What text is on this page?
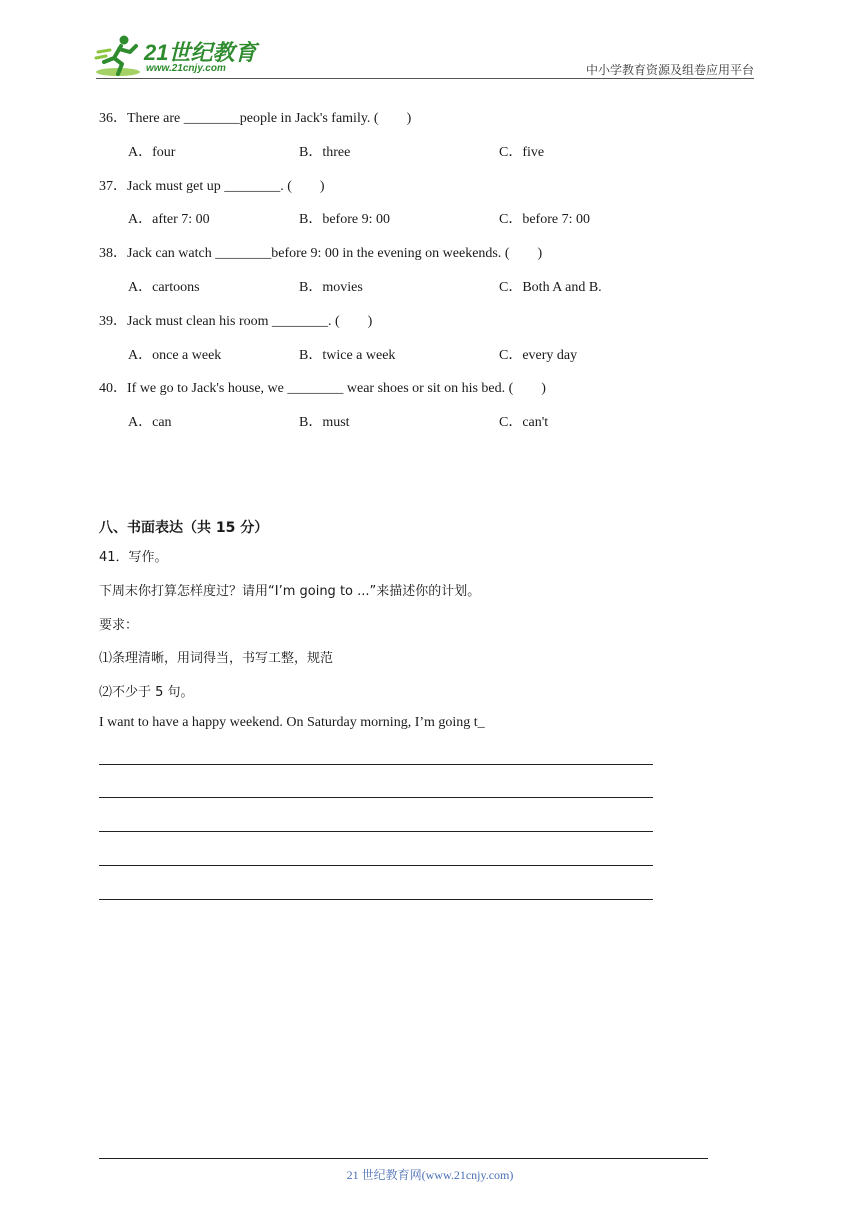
21世纪教育
www.21cnjy.com	中小学教育资源及组卷应用平台
36．There are ________people in Jack's family. (　　)
A．four	B．three	C．five
37．Jack must get up ________. (　　)
A．after 7: 00	B．before 9: 00	C．before 7: 00
38．Jack can watch ________before 9: 00 in the evening on weekends. (　　)
A．cartoons	B．movies	C．Both A and B.
39．Jack must clean his room ________. (　　)
A．once a week	B．twice a week	C．every day
40．If we go to Jack's house, we ________ wear shoes or sit on his bed. (　　)
A．can	B．must	C．can't
八、书面表达（共 15 分）
41．写作。
下周末你打算怎样度过？请用“I’m going to ...”来描述你的计划。
要求：
⑴条理清晰，用词得当，书写工整，规范
⑵不少于 5 句。
I want to have a happy weekend. On Saturday morning, I’m going t_
21 世纪教育网(www.21cnjy.com)
